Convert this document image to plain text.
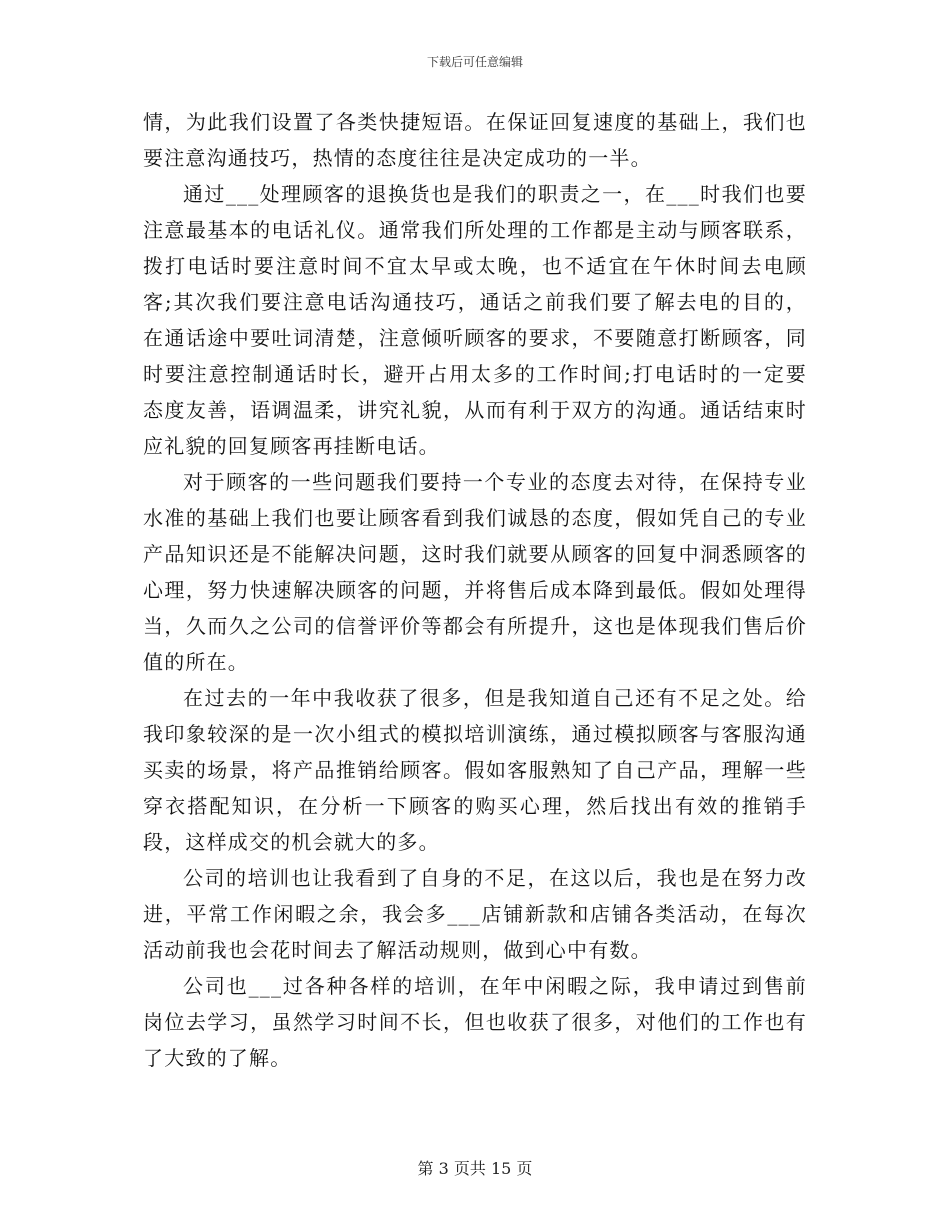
下载后可任意编辑

情，为此我们设置了各类快捷短语。在保证回复速度的基础上，我们也要注意沟通技巧，热情的态度往往是决定成功的一半。

通过___处理顾客的退换货也是我们的职责之一，在___时我们也要注意最基本的电话礼仪。通常我们所处理的工作都是主动与顾客联系，拨打电话时要注意时间不宜太早或太晚，也不适宜在午休时间去电顾客;其次我们要注意电话沟通技巧，通话之前我们要了解去电的目的，在通话途中要吐词清楚，注意倾听顾客的要求，不要随意打断顾客，同时要注意控制通话时长，避开占用太多的工作时间;打电话时的一定要态度友善，语调温柔，讲究礼貌，从而有利于双方的沟通。通话结束时应礼貌的回复顾客再挂断电话。

对于顾客的一些问题我们要持一个专业的态度去对待，在保持专业水准的基础上我们也要让顾客看到我们诚恳的态度，假如凭自己的专业产品知识还是不能解决问题，这时我们就要从顾客的回复中洞悉顾客的心理，努力快速解决顾客的问题，并将售后成本降到最低。假如处理得当，久而久之公司的信誉评价等都会有所提升，这也是体现我们售后价值的所在。

在过去的一年中我收获了很多，但是我知道自己还有不足之处。给我印象较深的是一次小组式的模拟培训演练，通过模拟顾客与客服沟通买卖的场景，将产品推销给顾客。假如客服熟知了自己产品，理解一些穿衣搭配知识，在分析一下顾客的购买心理，然后找出有效的推销手段，这样成交的机会就大的多。

公司的培训也让我看到了自身的不足，在这以后，我也是在努力改进，平常工作闲暇之余，我会多___店铺新款和店铺各类活动，在每次活动前我也会花时间去了解活动规则，做到心中有数。

公司也___过各种各样的培训，在年中闲暇之际，我申请过到售前岗位去学习，虽然学习时间不长，但也收获了很多，对他们的工作也有了大致的了解。

第 3 页共 15 页
